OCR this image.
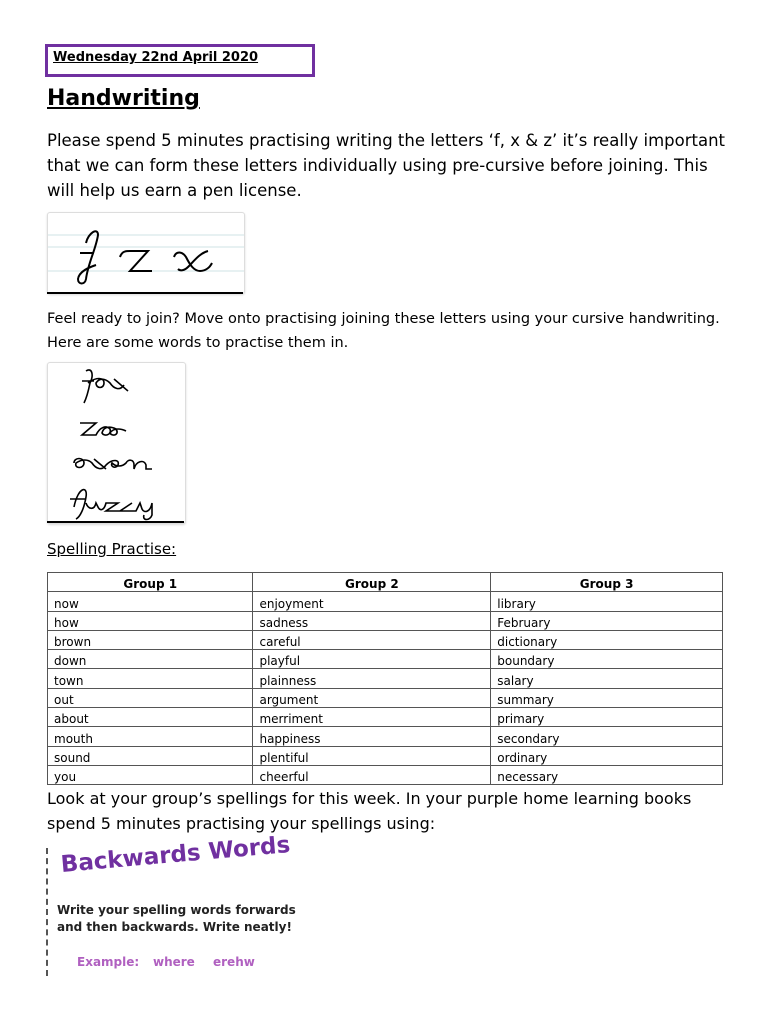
Wednesday 22nd April 2020
Handwriting
Please spend 5 minutes practising writing the letters ‘f, x & z’ it’s really important that we can form these letters individually using pre-cursive before joining. This will help us earn a pen license.
Feel ready to join? Move onto practising joining these letters using your cursive handwriting. Here are some words to practise them in.
Spelling Practise:
Group 1	Group 2	Group 3
now	enjoyment	library
how	sadness	February
brown	careful	dictionary
down	playful	boundary
town	plainness	salary
out	argument	summary
about	merriment	primary
mouth	happiness	secondary
sound	plentiful	ordinary
you	cheerful	necessary
Look at your group’s spellings for this week. In your purple home learning books spend 5 minutes practising your spellings using:
Backwards Words
Write your spelling words forwards
and then backwards. Write neatly!
Example: where erehw
